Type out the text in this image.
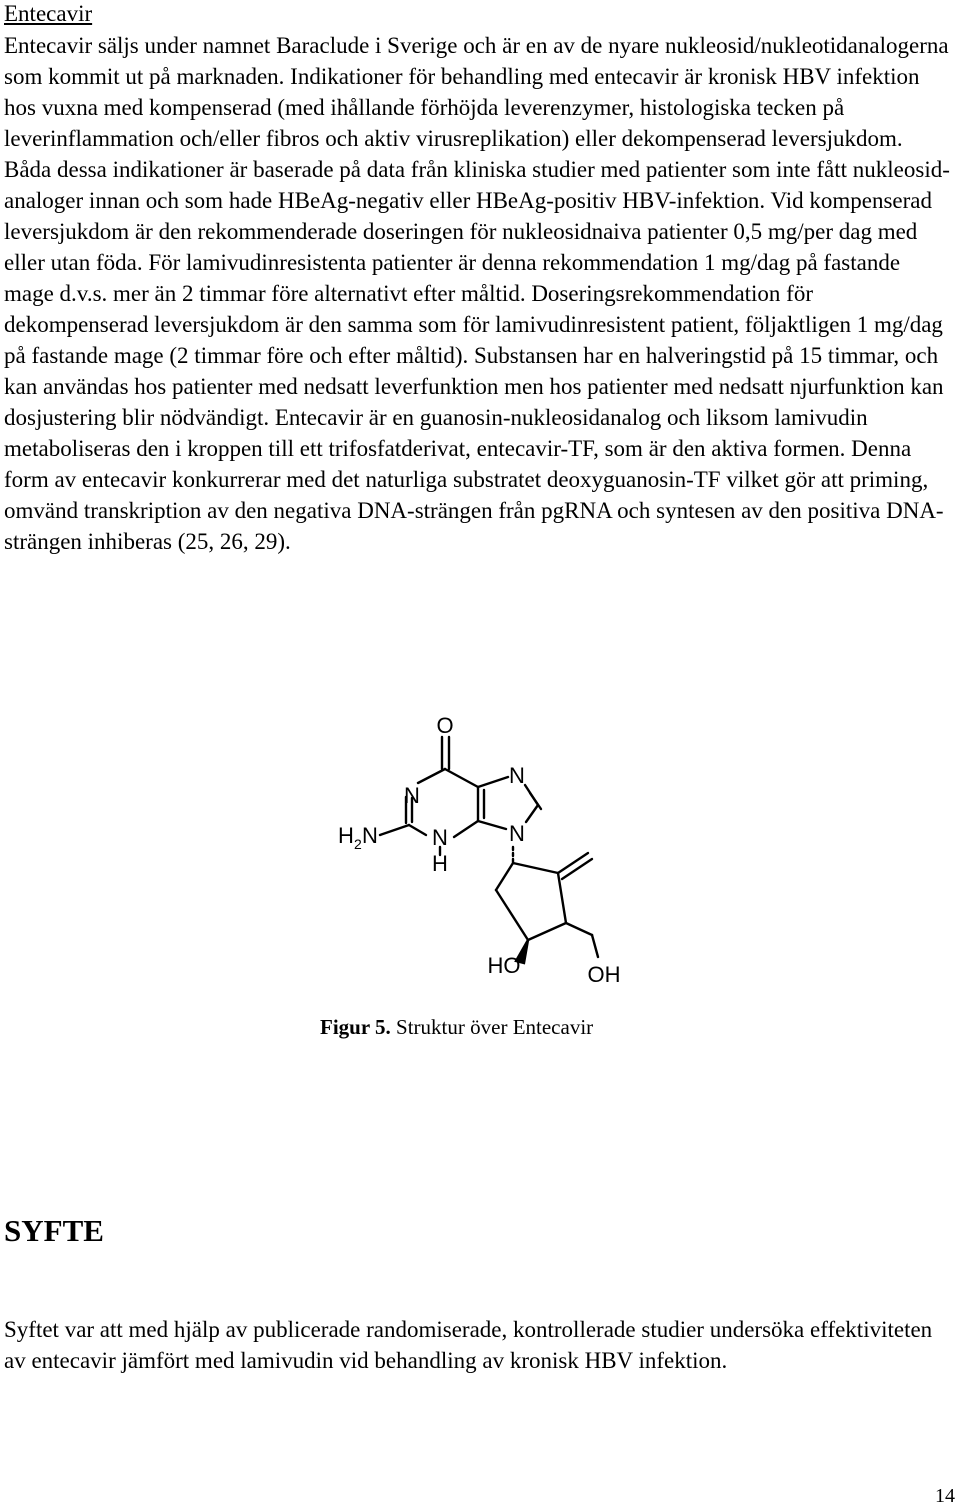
Entecavir

Entecavir säljs under namnet Baraclude i Sverige och är en av de nyare nukleosid/nukleotidanalogerna som kommit ut på marknaden. Indikationer för behandling med entecavir är kronisk HBV infektion hos vuxna med kompenserad (med ihållande förhöjda leverenzymer, histologiska tecken på leverinflammation och/eller fibros och aktiv virusreplikation) eller dekompenserad leversjukdom. Båda dessa indikationer är baserade på data från kliniska studier med patienter som inte fått nukleosid-analoger innan och som hade HBeAg-negativ eller HBeAg-positiv HBV-infektion. Vid kompenserad leversjukdom är den rekommenderade doseringen för nukleosidnaiva patienter 0,5 mg/per dag med eller utan föda. För lamivudinresistenta patienter är denna rekommendation 1 mg/dag på fastande mage d.v.s. mer än 2 timmar före alternativt efter måltid. Doseringsrekommendation för dekompenserad leversjukdom är den samma som för lamivudinresistent patient, följaktligen 1 mg/dag på fastande mage (2 timmar före och efter måltid). Substansen har en halveringstid på 15 timmar, och kan användas hos patienter med nedsatt leverfunktion men hos patienter med nedsatt njurfunktion kan dosjustering blir nödvändigt. Entecavir är en guanosin-nukleosidanalog och liksom lamivudin metaboliseras den i kroppen till ett trifosfatderivat, entecavir-TF, som är den aktiva formen. Denna form av entecavir konkurrerar med det naturliga substratet deoxyguanosin-TF vilket gör att priming, omvänd transkription av den negativa DNA-strängen från pgRNA och syntesen av den positiva DNA-strängen inhiberas (25, 26, 29).

O
N
N
N
N
H
H 2 N
HO	OH
Figur 5. Struktur över Entecavir
SYFTE

Syftet var att med hjälp av publicerade randomiserade, kontrollerade studier undersöka effektiviteten av entecavir jämfört med lamivudin vid behandling av kronisk HBV infektion.

14
